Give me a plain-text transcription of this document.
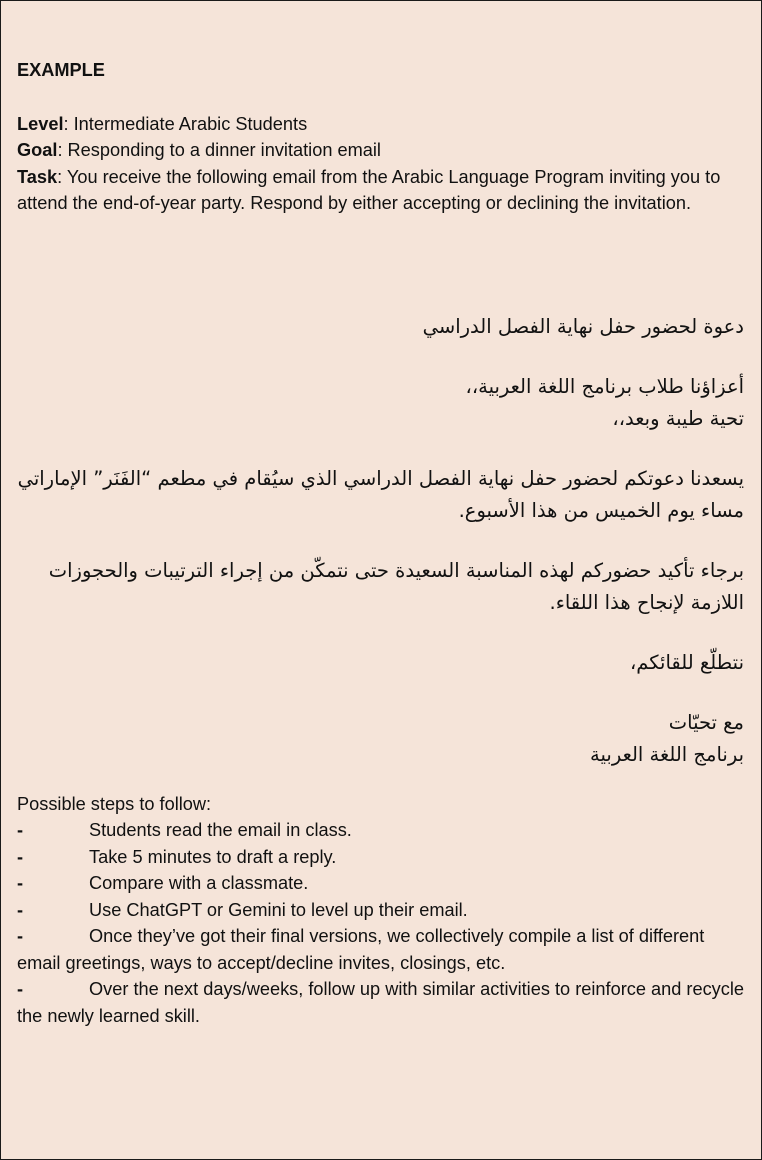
EXAMPLE

Level: Intermediate Arabic Students

Goal: Responding to a dinner invitation email

Task: You receive the following email from the Arabic Language Program inviting you to attend the end-of-year party. Respond by either accepting or declining the invitation.

دعوة لحضور حفل نهاية الفصل الدراسي

أعزاؤنا طلاب برنامج اللغة العربية،،

تحية طيبة وبعد،،

يسعدنا دعوتكم لحضور حفل نهاية الفصل الدراسي الذي سيُقام في مطعم “الفَنَر” الإماراتي مساء يوم الخميس من هذا الأسبوع.

برجاء تأكيد حضوركم لهذه المناسبة السعيدة حتى نتمكّن من إجراء الترتيبات والحجوزات اللازمة لإنجاح هذا اللقاء.

نتطلّع للقائكم،

مع تحيّات

برنامج اللغة العربية

Possible steps to follow:

-	Students read the email in class.
-	Take 5 minutes to draft a reply.
-	Compare with a classmate.
-	Use ChatGPT or Gemini to level up their email.
-	Once they’ve got their final versions, we collectively compile a list of different email greetings, ways to accept/decline invites, closings, etc.
-	Over the next days/weeks, follow up with similar activities to reinforce and recycle the newly learned skill.
